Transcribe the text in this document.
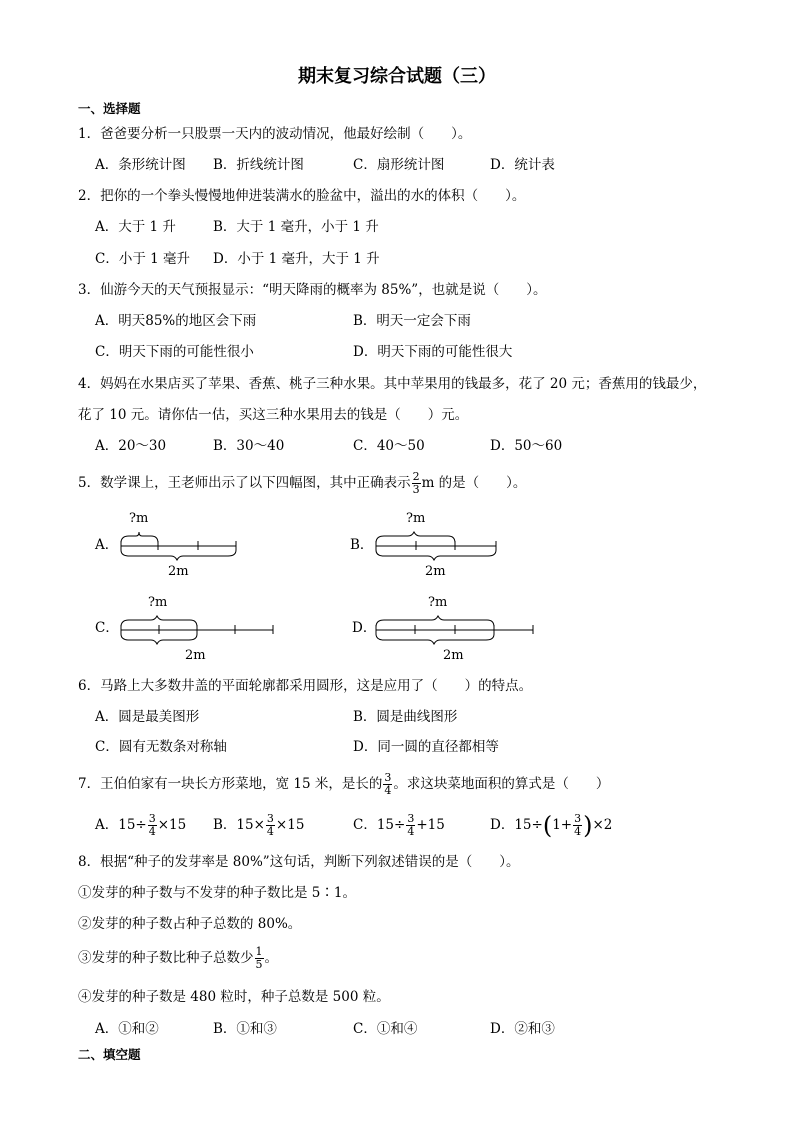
期末复习综合试题（三）
一、选择题
1．爸爸要分析一只股票一天内的波动情况，他最好绘制（　　）。
A．条形统计图 B．折线统计图	C．扇形统计图	D．统计表
2．把你的一个拳头慢慢地伸进装满水的脸盆中，溢出的水的体积（　　）。
A．大于 1 升	B．大于 1 毫升，小于 1 升
C．小于 1 毫升 D．小于 1 毫升，大于 1 升
3．仙游今天的天气预报显示：“明天降雨的概率为 85%”，也就是说（　　）。
A．明天85%的地区会下雨	B．明天一定会下雨
C．明天下雨的可能性很小	D．明天下雨的可能性很大
4．妈妈在水果店买了苹果、香蕉、桃子三种水果。其中苹果用的钱最多，花了 20 元；香蕉用的钱最少，
花了 10 元。请你估一估，买这三种水果用去的钱是（　　）元。
A．20～30	B．30～40	C．40～50	D．50～60
5．数学课上，王老师出示了以下四幅图，其中正确表示 $\frac{2}{3}$ m 的是（　　）。
A．
?m
2m
B．
?m
2m
C．
?m
2m
D．
?m
2m
6．马路上大多数井盖的平面轮廓都采用圆形，这是应用了（　　）的特点。
A．圆是最美图形	B．圆是曲线图形
C．圆有无数条对称轴	D．同一圆的直径都相等
7．王伯伯家有一块长方形菜地，宽 15 米，是长的 $\frac{3}{4}$ 。求这块菜地面积的算式是（　　）
A．$15\div \frac{3}{4} \times 15$ B．$15\times \frac{3}{4} \times 15$	C．$15\div \frac{3}{4} +15$	D．$15\div(1+ \frac{3}{4} )\times 2$
8．根据“种子的发芽率是 80%”这句话，判断下列叙述错误的是（　　）。
①发芽的种子数与不发芽的种子数比是 5∶1。
②发芽的种子数占种子总数的 80%。
③发芽的种子数比种子总数少 $\frac{1}{5}$ 。
④发芽的种子数是 480 粒时，种子总数是 500 粒。
A．①和②	B．①和③	C．①和④	D．②和③
二、填空题
